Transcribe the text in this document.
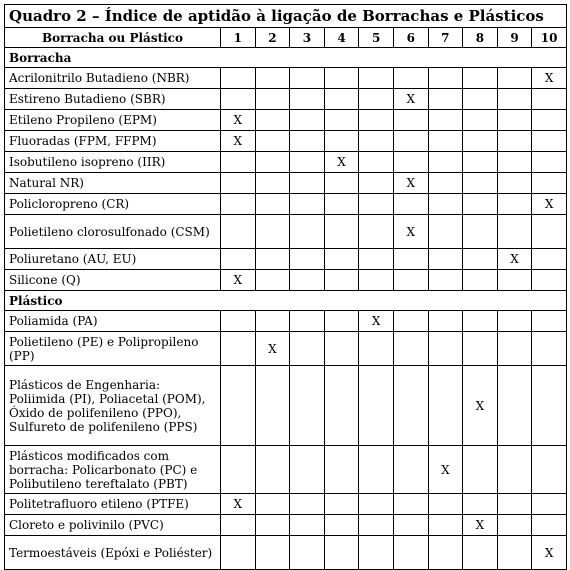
Quadro 2 – Índice de aptidão à ligação de Borrachas e Plásticos
Borracha ou Plástico	1	2	3	4	5	6	7	8	9	10
Borracha										
Acrilonitrilo Butadieno (NBR)										X
Estireno Butadieno (SBR)						X				
Etileno Propileno (EPM)	X									
Fluoradas (FPM, FFPM)	X									
Isobutileno isopreno (IIR)				X						
Natural NR)						X				
Policloropreno (CR)										X
Polietileno clorosulfonado (CSM)						X				
Poliuretano (AU, EU)									X	
Silicone (Q)	X									
Plástico										
Poliamida (PA)					X					
Polietileno (PE) e Polipropileno (PP)		X								
Plásticos de Engenharia: Poliimida (PI), Poliacetal (POM), Óxido de polifenileno (PPO), Sulfureto de polifenileno (PPS)								X		
Plásticos modificados com borracha: Policarbonato (PC) e Polibutileno tereftalato (PBT)							X			
Politetrafluoro etileno (PTFE)	X									
Cloreto e polivinilo (PVC)								X		
Termoestáveis (Epóxi e Poliéster)										X
